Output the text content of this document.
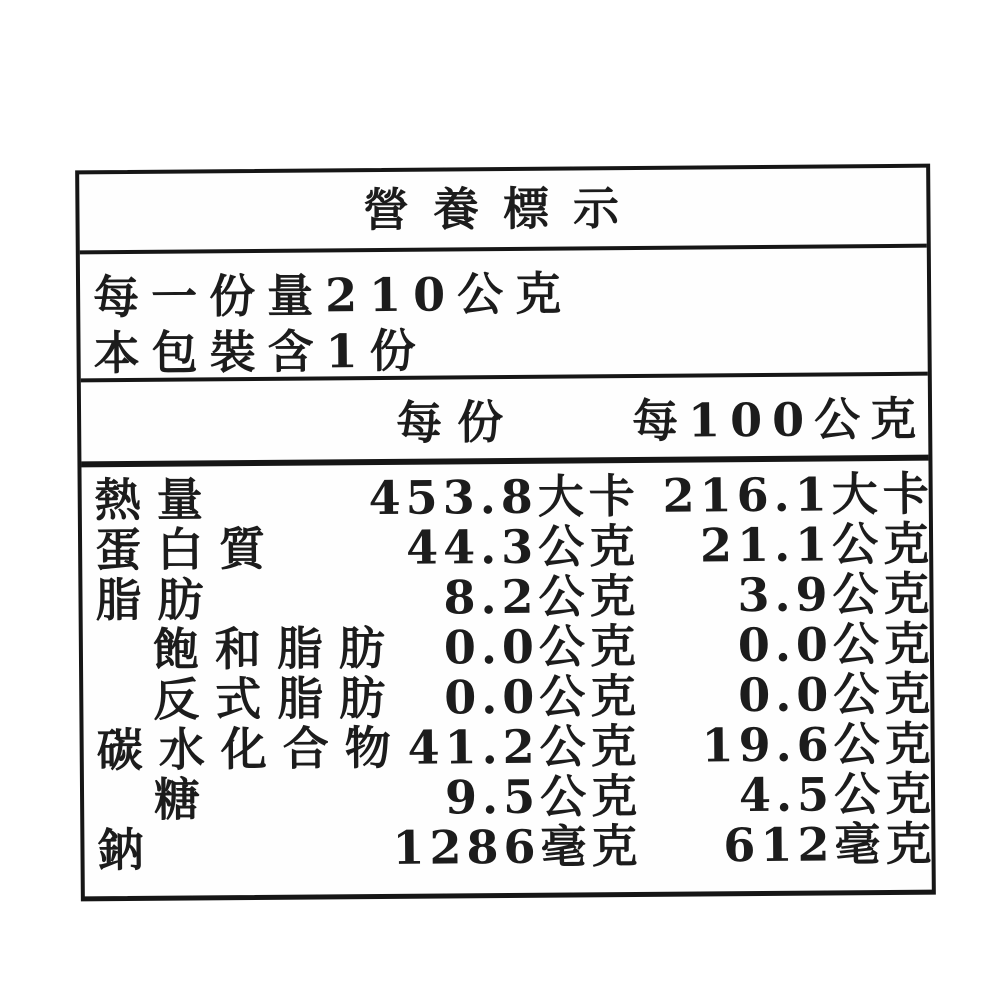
營養標示
每一份量210公克
本包裝含1份
每份 每100公克
熱量	453.8大卡 216.1大卡
蛋白質	44.3公克 21.1公克
脂肪	8.2公克 3.9公克
飽和脂肪 0.0公克 0.0公克
反式脂肪 0.0公克 0.0公克
碳水化合物 41.2公克 19.6公克
糖	9.5公克 4.5公克
鈉	1286毫克 612毫克
